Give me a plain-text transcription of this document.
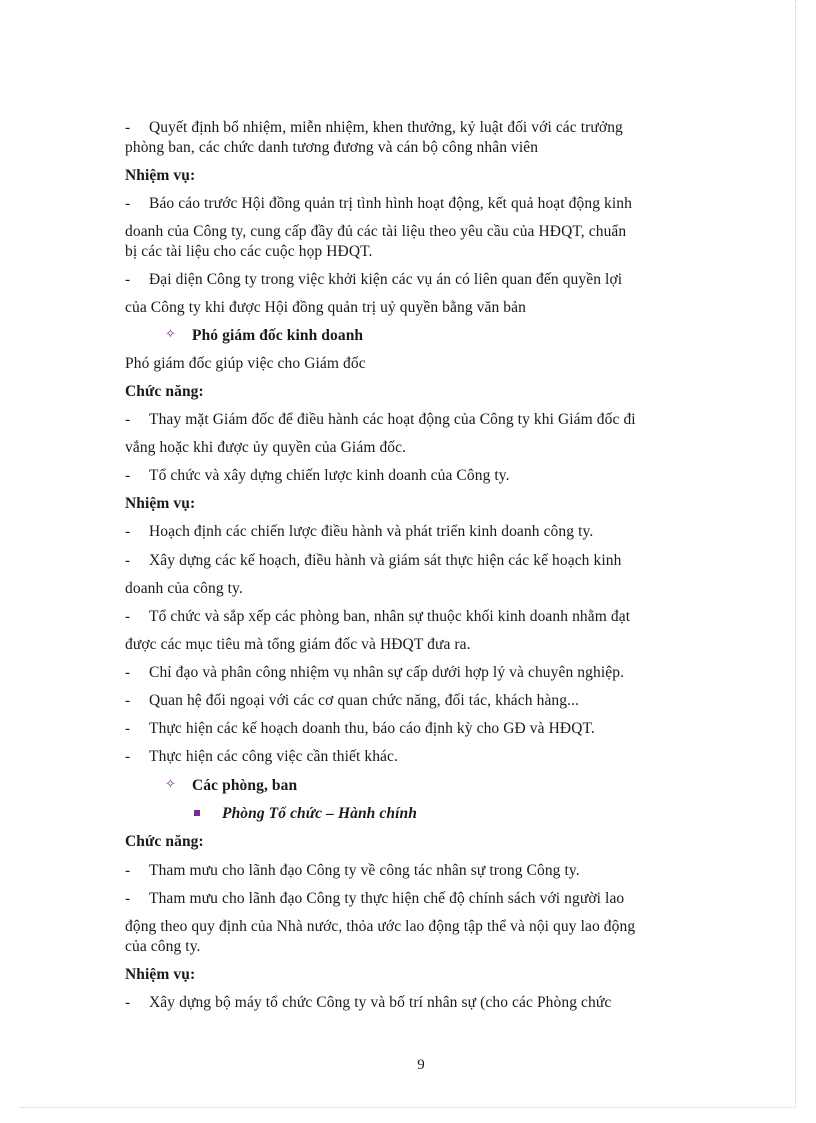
- Quyết định bổ nhiệm, miễn nhiệm, khen thưởng, kỷ luật đối với các trưởng
phòng ban, các chức danh tương đương và cán bộ công nhân viên
Nhiệm vụ:
- Báo cáo trước Hội đồng quản trị tình hình hoạt động, kết quả hoạt động kinh
doanh của Công ty, cung cấp đầy đủ các tài liệu theo yêu cầu của HĐQT, chuẩn
bị các tài liệu cho các cuộc họp HĐQT.
- Đại diện Công ty trong việc khởi kiện các vụ án có liên quan đến quyền lợi
của Công ty khi được Hội đồng quản trị uỷ quyền bằng văn bản
✧ Phó giám đốc kinh doanh
Phó giám đốc giúp việc cho Giám đốc
Chức năng:
- Thay mặt Giám đốc để điều hành các hoạt động của Công ty khi Giám đốc đi
vắng hoặc khi được ủy quyền của Giám đốc.
- Tổ chức và xây dựng chiến lược kinh doanh của Công ty.
Nhiệm vụ:
- Hoạch định các chiến lược điều hành và phát triển kinh doanh công ty.
- Xây dựng các kế hoạch, điều hành và giám sát thực hiện các kế hoạch kinh
doanh của công ty.
- Tổ chức và sắp xếp các phòng ban, nhân sự thuộc khối kinh doanh nhằm đạt
được các mục tiêu mà tổng giám đốc và HĐQT đưa ra.
- Chỉ đạo và phân công nhiệm vụ nhân sự cấp dưới hợp lý và chuyên nghiệp.
- Quan hệ đối ngoại với các cơ quan chức năng, đối tác, khách hàng...
- Thực hiện các kế hoạch doanh thu, báo cáo định kỳ cho GĐ và HĐQT.
- Thực hiện các công việc cần thiết khác.
✧ Các phòng, ban
Phòng Tổ chức – Hành chính
Chức năng:
- Tham mưu cho lãnh đạo Công ty về công tác nhân sự trong Công ty.
- Tham mưu cho lãnh đạo Công ty thực hiện chế độ chính sách với người lao
động theo quy định của Nhà nước, thỏa ước lao động tập thể và nội quy lao động
của công ty.
Nhiệm vụ:
- Xây dựng bộ máy tổ chức Công ty và bố trí nhân sự (cho các Phòng chức
9
